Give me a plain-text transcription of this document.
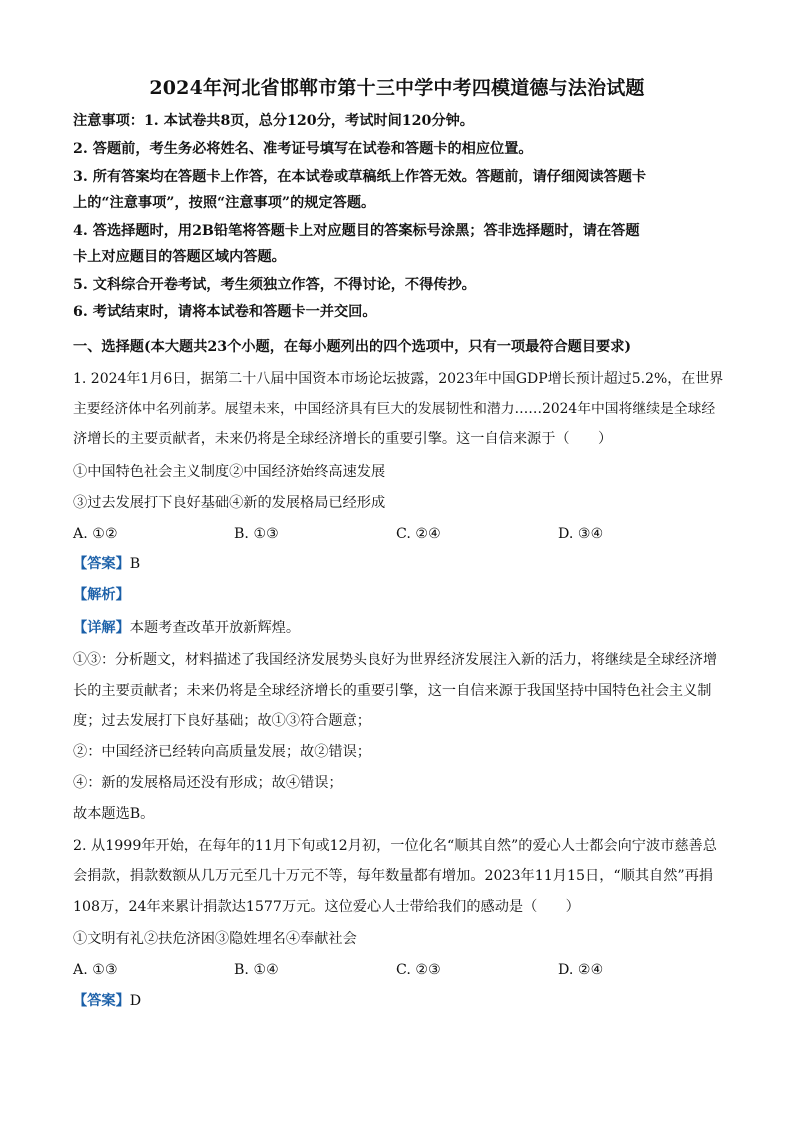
2024年河北省邯郸市第十三中学中考四模道德与法治试题
注意事项：1. 本试卷共8页，总分120分，考试时间120分钟。
2. 答题前，考生务必将姓名、准考证号填写在试卷和答题卡的相应位置。
3. 所有答案均在答题卡上作答，在本试卷或草稿纸上作答无效。答题前，请仔细阅读答题卡
上的“注意事项”，按照“注意事项”的规定答题。
4. 答选择题时，用2B铅笔将答题卡上对应题目的答案标号涂黑；答非选择题时，请在答题
卡上对应题目的答题区域内答题。
5. 文科综合开卷考试，考生须独立作答，不得讨论，不得传抄。
6. 考试结束时，请将本试卷和答题卡一并交回。
一、选择题(本大题共23个小题，在每小题列出的四个选项中，只有一项最符合题目要求)
1. 2024年1月6日，据第二十八届中国资本市场论坛披露，2023年中国GDP增长预计超过5.2%，在世界
主要经济体中名列前茅。展望未来，中国经济具有巨大的发展韧性和潜力……2024年中国将继续是全球经
济增长的主要贡献者，未来仍将是全球经济增长的重要引擎。这一自信来源于（　　）
①中国特色社会主义制度②中国经济始终高速发展
③过去发展打下良好基础④新的发展格局已经形成
A. ①②	B. ①③	C. ②④	D. ③④
【答案】B
【解析】
【详解】本题考查改革开放新辉煌。
①③：分析题文，材料描述了我国经济发展势头良好为世界经济发展注入新的活力，将继续是全球经济增
长的主要贡献者；未来仍将是全球经济增长的重要引擎，这一自信来源于我国坚持中国特色社会主义制
度；过去发展打下良好基础；故①③符合题意；
②：中国经济已经转向高质量发展；故②错误；
④：新的发展格局还没有形成；故④错误；
故本题选B。
2. 从1999年开始，在每年的11月下旬或12月初，一位化名“顺其自然”的爱心人士都会向宁波市慈善总
会捐款，捐款数额从几万元至几十万元不等，每年数量都有增加。2023年11月15日，“顺其自然”再捐
108万，24年来累计捐款达1577万元。这位爱心人士带给我们的感动是（　　）
①文明有礼②扶危济困③隐姓埋名④奉献社会
A. ①③	B. ①④	C. ②③	D. ②④
【答案】D
